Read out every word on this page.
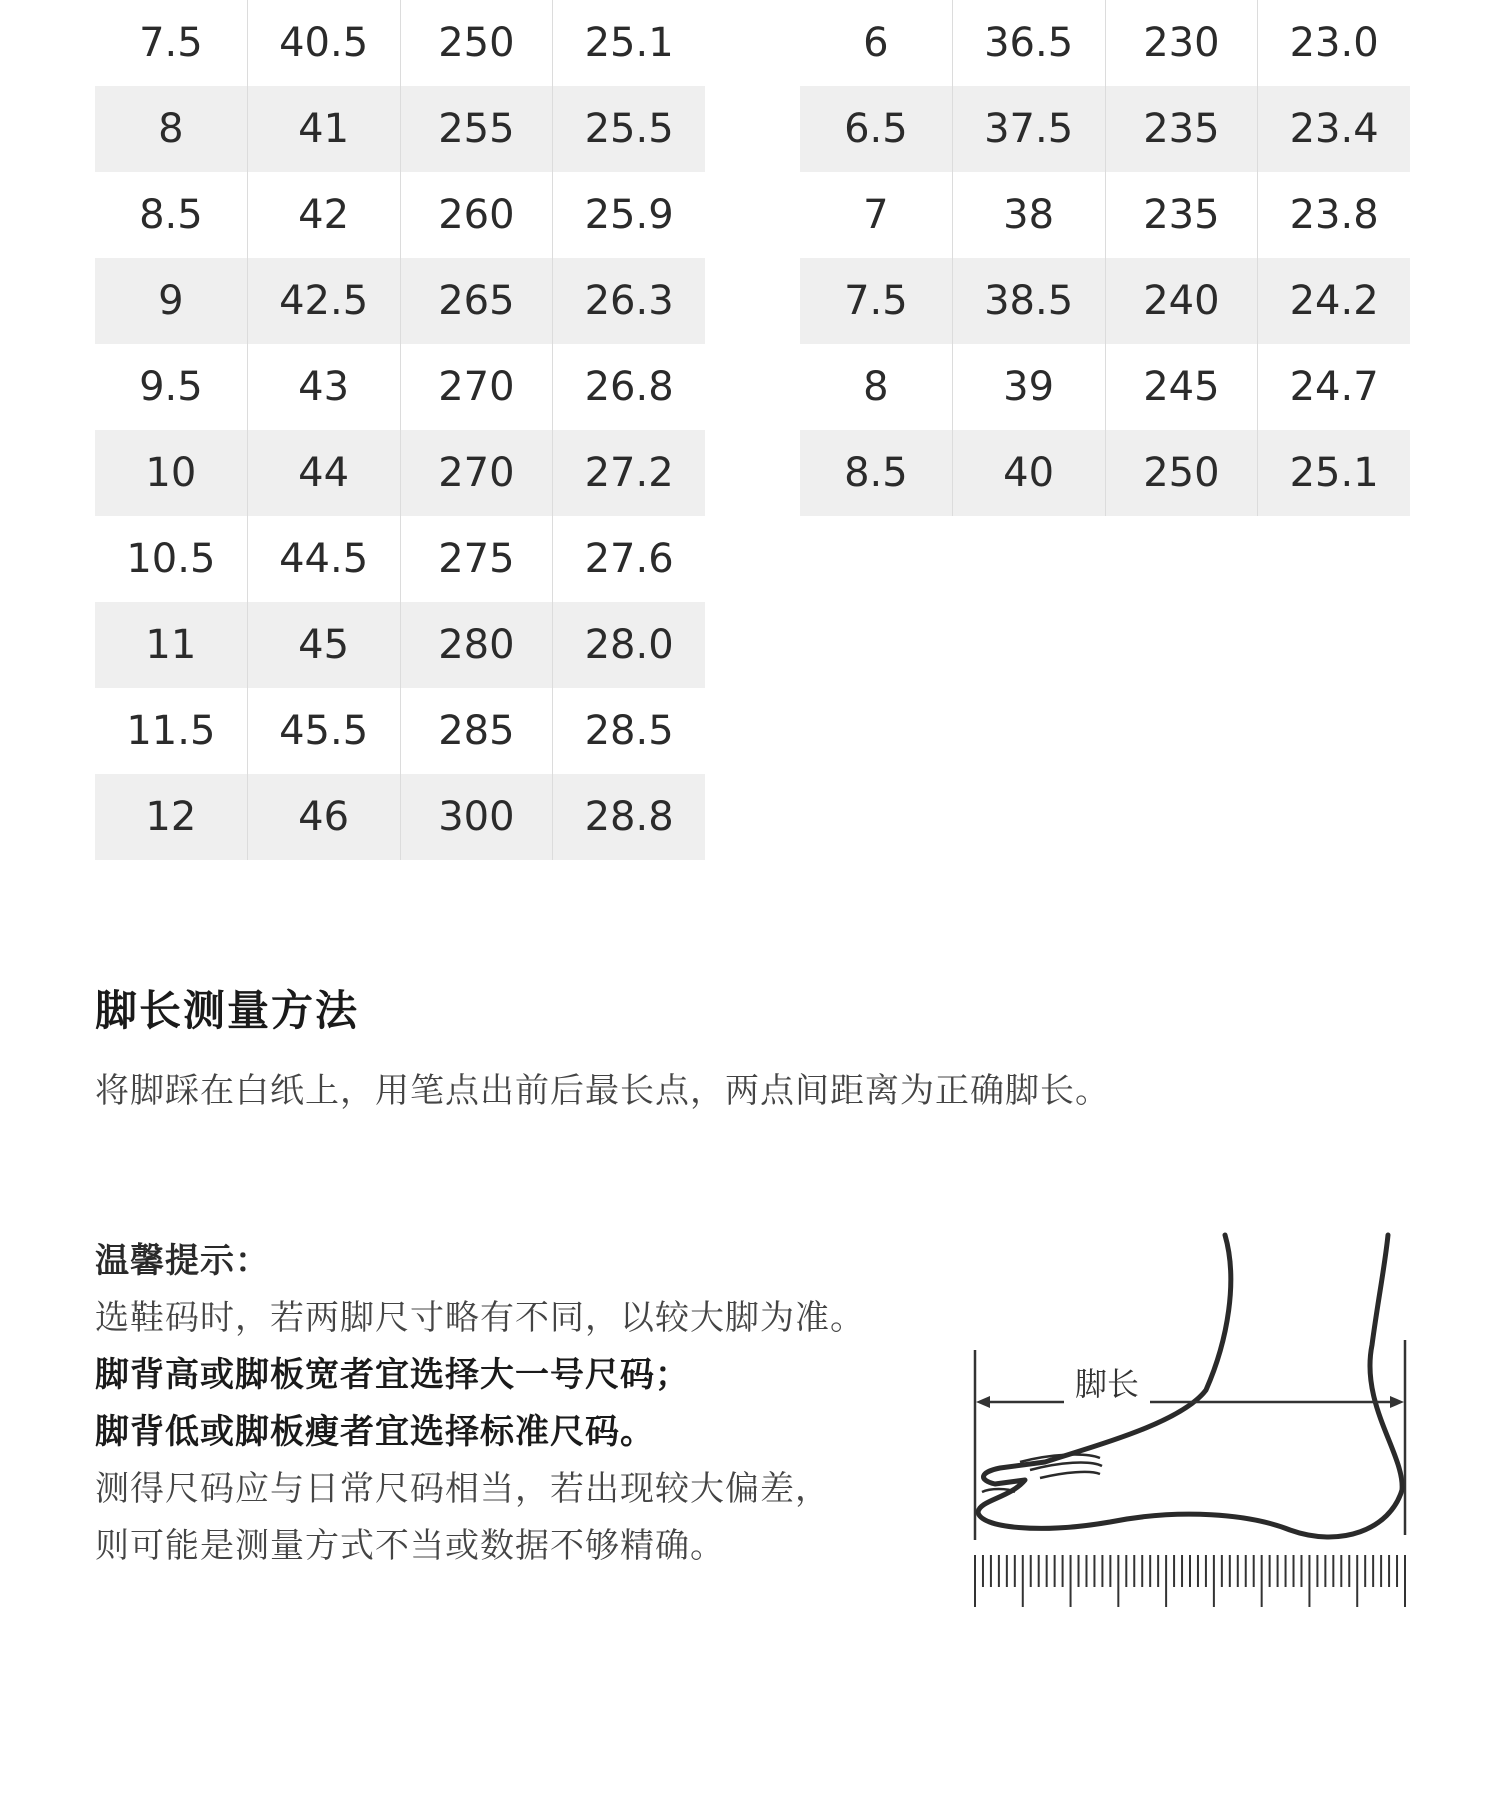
7.5	40.5	250	25.1
8	41	255	25.5
8.5	42	260	25.9
9	42.5	265	26.3
9.5	43	270	26.8
10	44	270	27.2
10.5	44.5	275	27.6
11	45	280	28.0
11.5	45.5	285	28.5
12	46	300	28.8
6	36.5	230	23.0
6.5	37.5	235	23.4
7	38	235	23.8
7.5	38.5	240	24.2
8	39	245	24.7
8.5	40	250	25.1
脚长测量方法

将脚踩在白纸上，用笔点出前后最长点，两点间距离为正确脚长。

温馨提示：
选鞋码时，若两脚尺寸略有不同，以较大脚为准。
脚背高或脚板宽者宜选择大一号尺码；
脚背低或脚板瘦者宜选择标准尺码。
测得尺码应与日常尺码相当，若出现较大偏差，
则可能是测量方式不当或数据不够精确。
脚长
